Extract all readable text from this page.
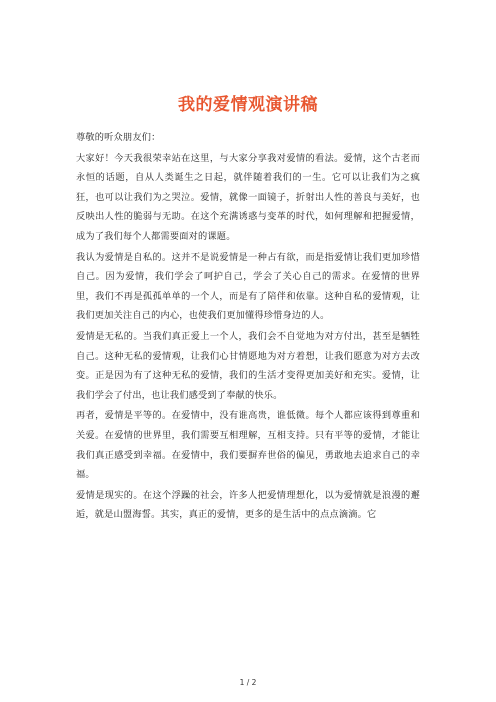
我的爱情观演讲稿

尊敬的听众朋友们：

大家好！今天我很荣幸站在这里，与大家分享我对爱情的看法。爱情，这个古老而永恒的话题，自从人类诞生之日起，就伴随着我们的一生。它可以让我们为之疯狂，也可以让我们为之哭泣。爱情，就像一面镜子，折射出人性的善良与美好，也反映出人性的脆弱与无助。在这个充满诱惑与变革的时代，如何理解和把握爱情，成为了我们每个人都需要面对的课题。

我认为爱情是自私的。这并不是说爱情是一种占有欲，而是指爱情让我们更加珍惜自己。因为爱情，我们学会了呵护自己，学会了关心自己的需求。在爱情的世界里，我们不再是孤孤单单的一个人，而是有了陪伴和依靠。这种自私的爱情观，让我们更加关注自己的内心，也使我们更加懂得珍惜身边的人。

爱情是无私的。当我们真正爱上一个人，我们会不自觉地为对方付出，甚至是牺牲自己。这种无私的爱情观，让我们心甘情愿地为对方着想，让我们愿意为对方去改变。正是因为有了这种无私的爱情，我们的生活才变得更加美好和充实。爱情，让我们学会了付出，也让我们感受到了奉献的快乐。

再者，爱情是平等的。在爱情中，没有谁高贵，谁低微。每个人都应该得到尊重和关爱。在爱情的世界里，我们需要互相理解，互相支持。只有平等的爱情，才能让我们真正感受到幸福。在爱情中，我们要摒弃世俗的偏见，勇敢地去追求自己的幸福。

爱情是现实的。在这个浮躁的社会，许多人把爱情理想化，以为爱情就是浪漫的邂逅，就是山盟海誓。其实，真正的爱情，更多的是生活中的点点滴滴。它

1 / 2
